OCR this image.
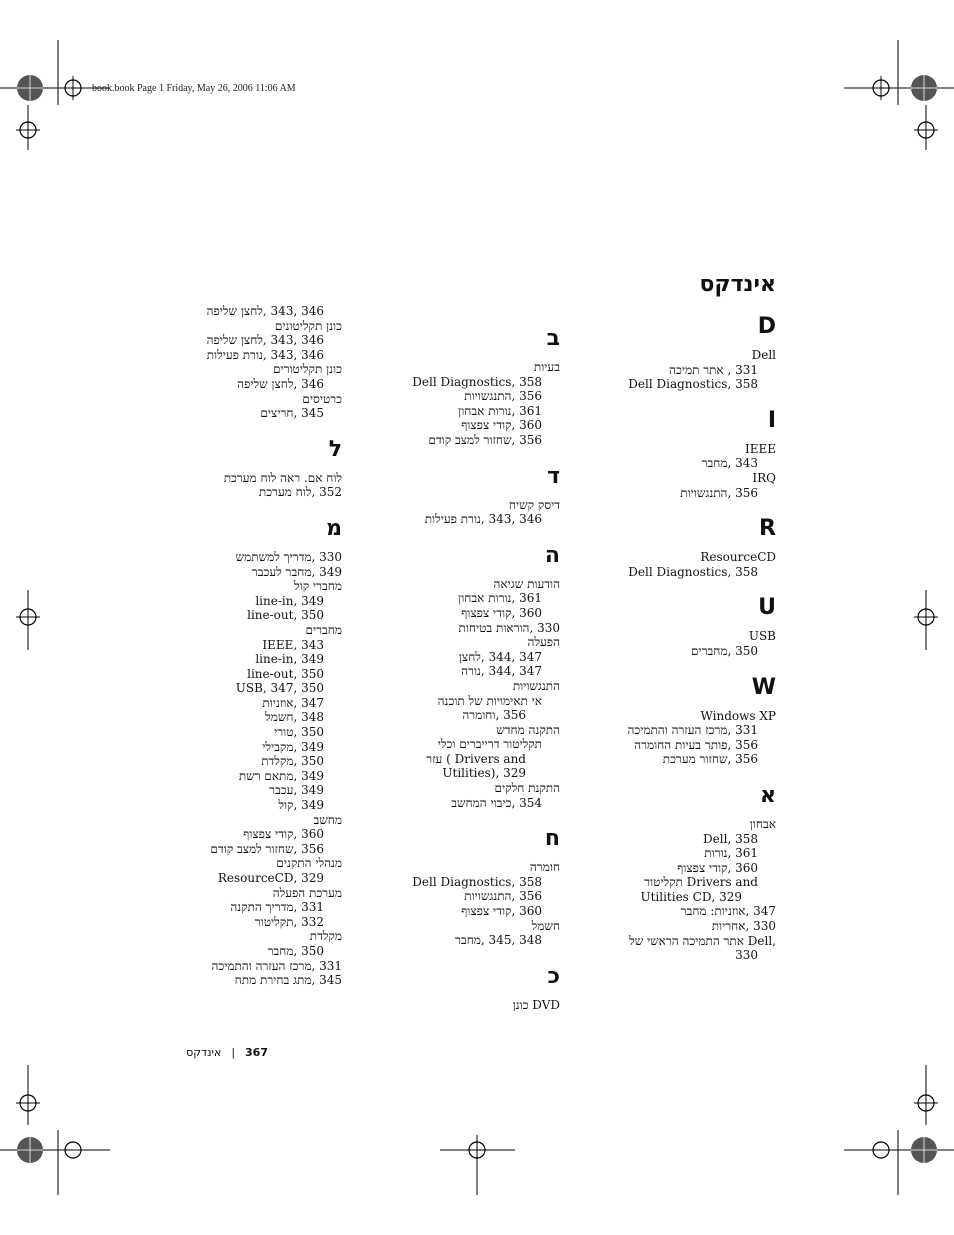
book.book Page 1 Friday, May 26, 2006 11:06 AM
אינדקס
D
Dell
331 , אתר תמיכה
358 ,Dell Diagnostics
I
IEEE
343 ,מחבר
IRQ
356 ,התנגשויות
R
ResourceCD
358 ,Dell Diagnostics
U
USB
350 ,מחברים
W
Windows XP
331 ,מרכז העזרה והתמיכה
356 ,פותר בעיות החומרה
356 ,שחזור מערכת
א
אבחון
358 ,Dell
361 ,נורות
360 ,קודי צפצוף
Drivers and תקליטור
329 ,Utilities CD
347 ,אוזניות: מחבר
330 ,אחריות
,Dell אתר התמיכה הראשי של
330
ב
בעיות
358 ,Dell Diagnostics
356 ,התנגשויות
361 ,נורות אבחון
360 ,קודי צפצוף
356 ,שחזור למצב קודם
ד
דיסק קשיח
346 ,343 ,נורת פעילות
ה
הודעות שגיאה
361 ,נורות אבחון
360 ,קודי צפצוף
330 ,הוראות בטיחות
הפעלה
347 ,344 ,לחצן
347 ,344 ,נורה
התנגשויות
אי תאימויות של תוכנה
356 ,וחומרה
התקנה מחדש
תקליטור דרייברים וכלי
Drivers and ) עזר
329 ,(Utilities
התקנת חלקים
354 ,כיבוי המחשב
ח
חומרה
358 ,Dell Diagnostics
356 ,התנגשויות
360 ,קודי צפצוף
חשמל
348 ,345 ,מחבר
כ
DVD כונן
346 ,343 ,לחצן שליפה
כונן תקליטונים
346 ,343 ,לחצן שליפה
346 ,343 ,נורת פעילות
כונן תקליטורים
346 ,לחצן שליפה
כרטיסים
345 ,חריצים
ל
לוח אם. ראה לוח מערכת
352 ,לוח מערכת
מ
330 ,מדריך למשתמש
349 ,מחבר לעכבר
מחברי קול
349 ,line-in
350 ,line-out
מחברים
343 ,IEEE
349 ,line-in
350 ,line-out
350 ,347 ,USB
347 ,אוזניות
348 ,חשמל
350 ,טורי
349 ,מקבילי
350 ,מקלדת
349 ,מתאם רשת
349 ,עכבר
349 ,קול
מחשב
360 ,קודי צפצוף
356 ,שחזור למצב קודם
מנהלי התקנים
329 ,ResourceCD
מערכת הפעלה
331 ,מדריך התקנה
332 ,תקליטור
מקלדת
350 ,מחבר
331 ,מרכז העזרה והתמיכה
345 ,מתג בחירת מתח
367|אינדקס
